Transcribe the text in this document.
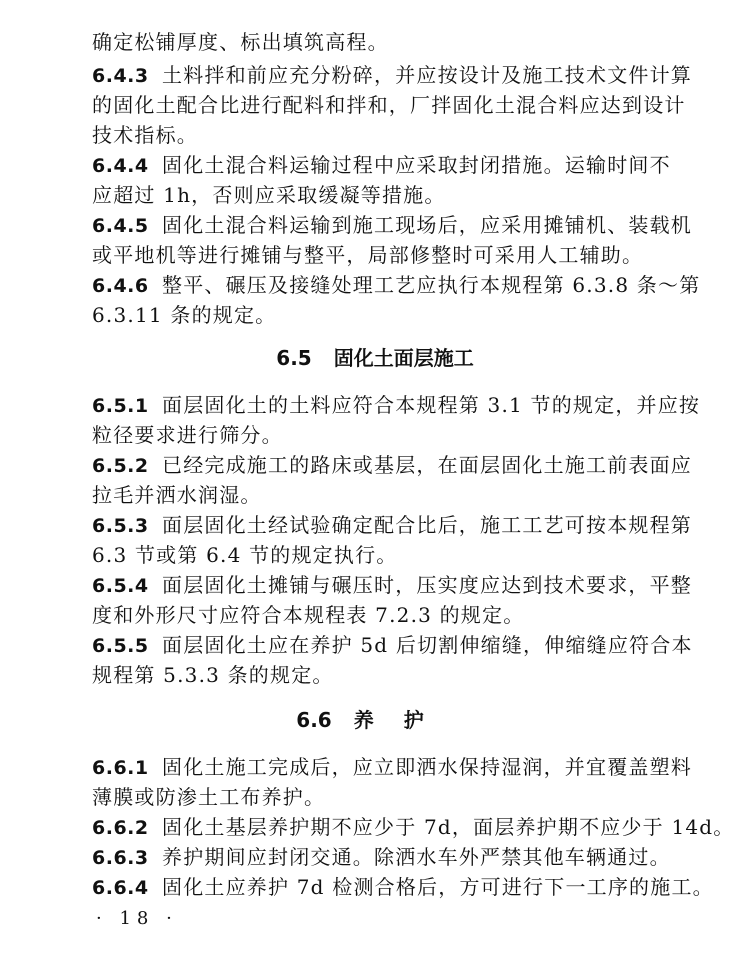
确定松铺厚度、标出填筑高程。
6.4.3 土料拌和前应充分粉碎，并应按设计及施工技术文件计算
的固化土配合比进行配料和拌和，厂拌固化土混合料应达到设计
技术指标。
6.4.4 固化土混合料运输过程中应采取封闭措施。运输时间不
应超过 1h，否则应采取缓凝等措施。
6.4.5 固化土混合料运输到施工现场后，应采用摊铺机、装载机
或平地机等进行摊铺与整平，局部修整时可采用人工辅助。
6.4.6 整平、碾压及接缝处理工艺应执行本规程第 6.3.8 条～第
6.3.11 条的规定。
6.5 固化土面层施工
6.5.1 面层固化土的土料应符合本规程第 3.1 节的规定，并应按
粒径要求进行筛分。
6.5.2 已经完成施工的路床或基层，在面层固化土施工前表面应
拉毛并洒水润湿。
6.5.3 面层固化土经试验确定配合比后，施工工艺可按本规程第
6.3 节或第 6.4 节的规定执行。
6.5.4 面层固化土摊铺与碾压时，压实度应达到技术要求，平整
度和外形尺寸应符合本规程表 7.2.3 的规定。
6.5.5 面层固化土应在养护 5d 后切割伸缩缝，伸缩缝应符合本
规程第 5.3.3 条的规定。
6.6 养护
6.6.1 固化土施工完成后，应立即洒水保持湿润，并宜覆盖塑料
薄膜或防渗土工布养护。
6.6.2 固化土基层养护期不应少于 7d，面层养护期不应少于 14d。
6.6.3 养护期间应封闭交通。除洒水车外严禁其他车辆通过。
6.6.4 固化土应养护 7d 检测合格后，方可进行下一工序的施工。
· 18 ·
